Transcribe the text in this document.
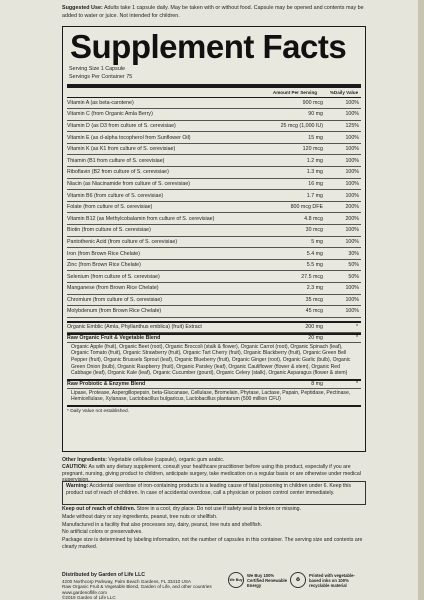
Suggested Use: Adults take 1 capsule daily. May be taken with or without food. Capsule may be opened and contents may be added to water or juice. Not intended for children.
Supplement Facts
Serving Size 1 Capsule
Servings Per Container 75
Amount Per Serving	%Daily Value
Vitamin A (as beta-carotene)	900 mcg	100%
Vitamin C (from Organic Amla Berry)	90 mg	100%
Vitamin D (as D3 from culture of S. cerevisiae)	25 mcg (1,000 IU)	125%
Vitamin E (as d-alpha tocopherol from Sunflower Oil)	15 mg	100%
Vitamin K (as K1 from culture of S. cerevisiae)	120 mcg	100%
Thiamin (B1 from culture of S. cerevisiae)	1.2 mg	100%
Riboflavin (B2 from culture of S. cerevisiae)	1.3 mg	100%
Niacin (as Niacinamide from culture of S. cerevisiae)	16 mg	100%
Vitamin B6 (from culture of S. cerevisiae)	1.7 mg	100%
Folate (from culture of S. cerevisiae)	800 mcg DFE	200%
Vitamin B12 (as Methylcobalamin from culture of S. cerevisiae)	4.8 mcg	200%
Biotin (from culture of S. cerevisiae)	30 mcg	100%
Pantothenic Acid (from culture of S. cerevisiae)	5 mg	100%
Iron (from Brown Rice Chelate)	5.4 mg	30%
Zinc (from Brown Rice Chelate)	5.5 mg	50%
Selenium (from culture of S. cerevisiae)	27.5 mcg	50%
Manganese (from Brown Rice Chelate)	2.3 mg	100%
Chromium (from culture of S. cerevisiae)	35 mcg	100%
Molybdenum (from Brown Rice Chelate)	45 mcg	100%
Organic Emblic (Amla, Phyllanthus emblica) (fruit) Extract	200 mg	*
Raw Organic Fruit & Vegetable Blend	20 mg	*
Organic Apple (fruit), Organic Beet (root), Organic Broccoli (stalk & flower), Organic Carrot (root), Organic Spinach (leaf), Organic Tomato (fruit), Organic Strawberry (fruit), Organic Tart Cherry (fruit), Organic Blackberry (fruit), Organic Green Bell Pepper (fruit), Organic Brussels Sprout (leaf), Organic Blueberry (fruit), Organic Ginger (root), Organic Garlic (bulb), Organic Green Onion (bulb), Organic Raspberry (fruit), Organic Parsley (leaf), Organic Cauliflower (flower & stem), Organic Red Cabbage (leaf), Organic Kale (leaf), Organic Cucumber (gourd), Organic Celery (stalk), Organic Asparagus (flower & stem)
Raw Probiotic & Enzyme Blend	8 mg	*
Lipase, Protease, Aspergillopepsin, beta-Glucanase, Cellulase, Bromelain, Phytase, Lactase, Papain, Peptidase, Pectinase, Hemicellulase, Xylanase, Lactobacillus bulgaricus, Lactobacillus plantarum (500 million CFU)
* Daily Value not established.
Other Ingredients: Vegetable cellulose (capsule), organic gum arabic.
CAUTION: As with any dietary supplement, consult your healthcare practitioner before using this product, especially if you are pregnant, nursing, giving product to children, anticipate surgery, take medication on a regular basis or are otherwise under medical supervision.
Warning: Accidental overdose of iron-containing products is a leading cause of fatal poisoning in children under 6. Keep this product out of reach of children. In case of accidental overdose, call a physician or poison control center immediately.

Keep out of reach of children. Store in a cool, dry place. Do not use if safety seal is broken or missing.

Made without dairy or soy ingredients, peanut, tree nuts or shellfish.

Manufactured in a facility that also processes soy, dairy, peanut, tree nuts and shellfish.

No artificial colors or preservatives.

Package size is determined by labeling information, not the number of capsules in this container. The serving size and contents are clearly marked.

Distributed by Garden of Life LLC
4200 Northcorp Parkway, Palm Beach Gardens, FL 33410 USA
Raw Organic Fruit & Vegetable Blend, Garden of Life, and other countries
www.gardenoflife.com
©2019 Garden of Life LLC
We Buy
We Buy 100% Certified Renewable Energy
♻
Printed with vegetable-based inks on 100% recyclable material
